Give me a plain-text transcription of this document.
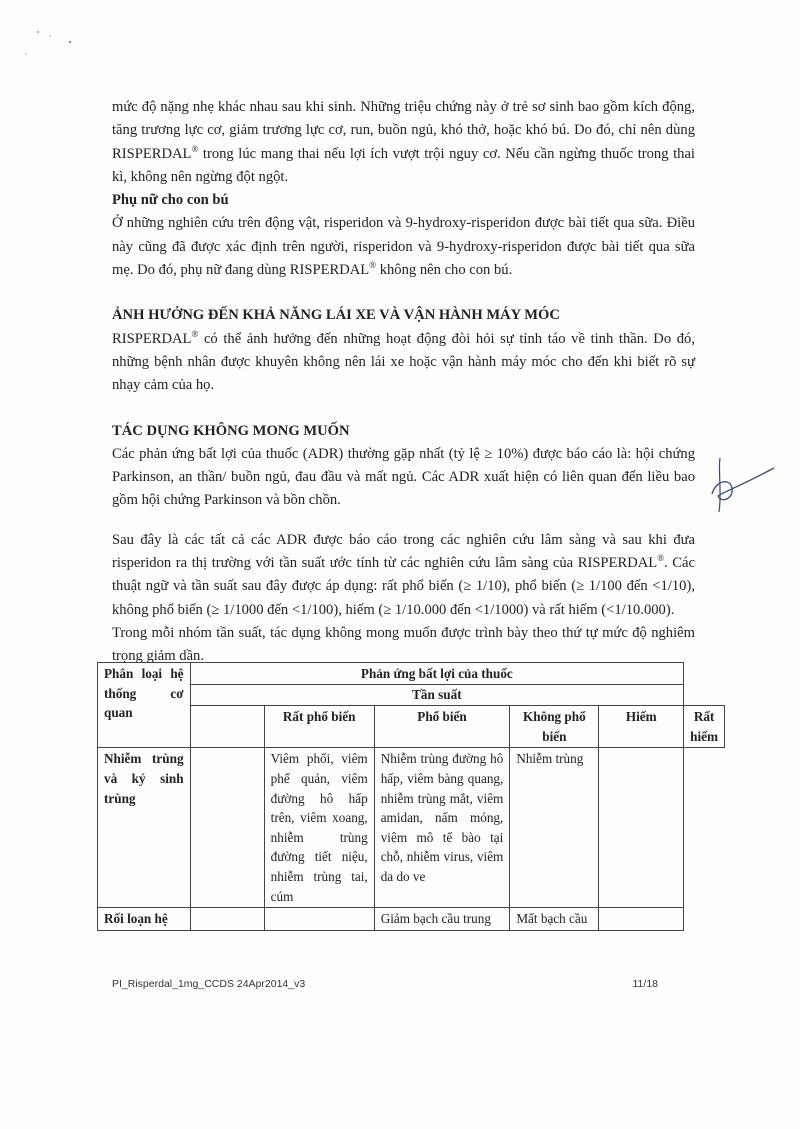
mức độ nặng nhẹ khác nhau sau khi sinh. Những triệu chứng này ở trẻ sơ sinh bao gồm kích động, tăng trương lực cơ, giảm trương lực cơ, run, buồn ngủ, khó thở, hoặc khó bú. Do đó, chỉ nên dùng RISPERDAL® trong lúc mang thai nếu lợi ích vượt trội nguy cơ. Nếu cần ngừng thuốc trong thai kì, không nên ngừng đột ngột.

Phụ nữ cho con bú

Ở những nghiên cứu trên động vật, risperidon và 9-hydroxy-risperidon được bài tiết qua sữa. Điều này cũng đã được xác định trên người, risperidon và 9-hydroxy-risperidon được bài tiết qua sữa mẹ. Do đó, phụ nữ đang dùng RISPERDAL® không nên cho con bú.

ẢNH HƯỞNG ĐẾN KHẢ NĂNG LÁI XE VÀ VẬN HÀNH MÁY MÓC

RISPERDAL® có thể ảnh hưởng đến những hoạt động đòi hỏi sự tỉnh táo về tinh thần. Do đó, những bệnh nhân được khuyên không nên lái xe hoặc vận hành máy móc cho đến khi biết rõ sự nhạy cảm của họ.

TÁC DỤNG KHÔNG MONG MUỐN

Các phản ứng bất lợi của thuốc (ADR) thường gặp nhất (tỷ lệ ≥ 10%) được báo cáo là: hội chứng Parkinson, an thần/ buồn ngủ, đau đầu và mất ngủ. Các ADR xuất hiện có liên quan đến liều bao gồm hội chứng Parkinson và bồn chồn.

Sau đây là các tất cả các ADR được báo cáo trong các nghiên cứu lâm sàng và sau khi đưa risperidon ra thị trường với tần suất ước tính từ các nghiên cứu lâm sàng của RISPERDAL®. Các thuật ngữ và tần suất sau đây được áp dụng: rất phổ biến (≥ 1/10), phổ biến (≥ 1/100 đến <1/10), không phổ biến (≥ 1/1000 đến <1/100), hiếm (≥ 1/10.000 đến <1/1000) và rất hiếm (<1/10.000).

Trong mỗi nhóm tần suất, tác dụng không mong muốn được trình bày theo thứ tự mức độ nghiêm trọng giảm dần.

Phân loại hệ thống cơ quan	Phản ứng bất lợi của thuốc
Tần suất					

		Rất phổ biến	Phổ biến	Không phổ biến	Hiếm	Rất hiếm
Nhiễm trùng và ký sinh trùng		Viêm phổi, viêm phế quản, viêm đường hô hấp trên, viêm xoang, nhiễm trùng đường tiết niệu, nhiễm trùng tai, cúm	Nhiễm trùng đường hô hấp, viêm bàng quang, nhiễm trùng mắt, viêm amidan, nấm móng, viêm mô tế bào tại chỗ, nhiễm virus, viêm da do ve	Nhiễm trùng		
Rối loạn hệ			Giảm bạch cầu trung	Mất bạch cầu		
PI_Risperdal_1mg_CCDS 24Apr2014_v3	11/18
